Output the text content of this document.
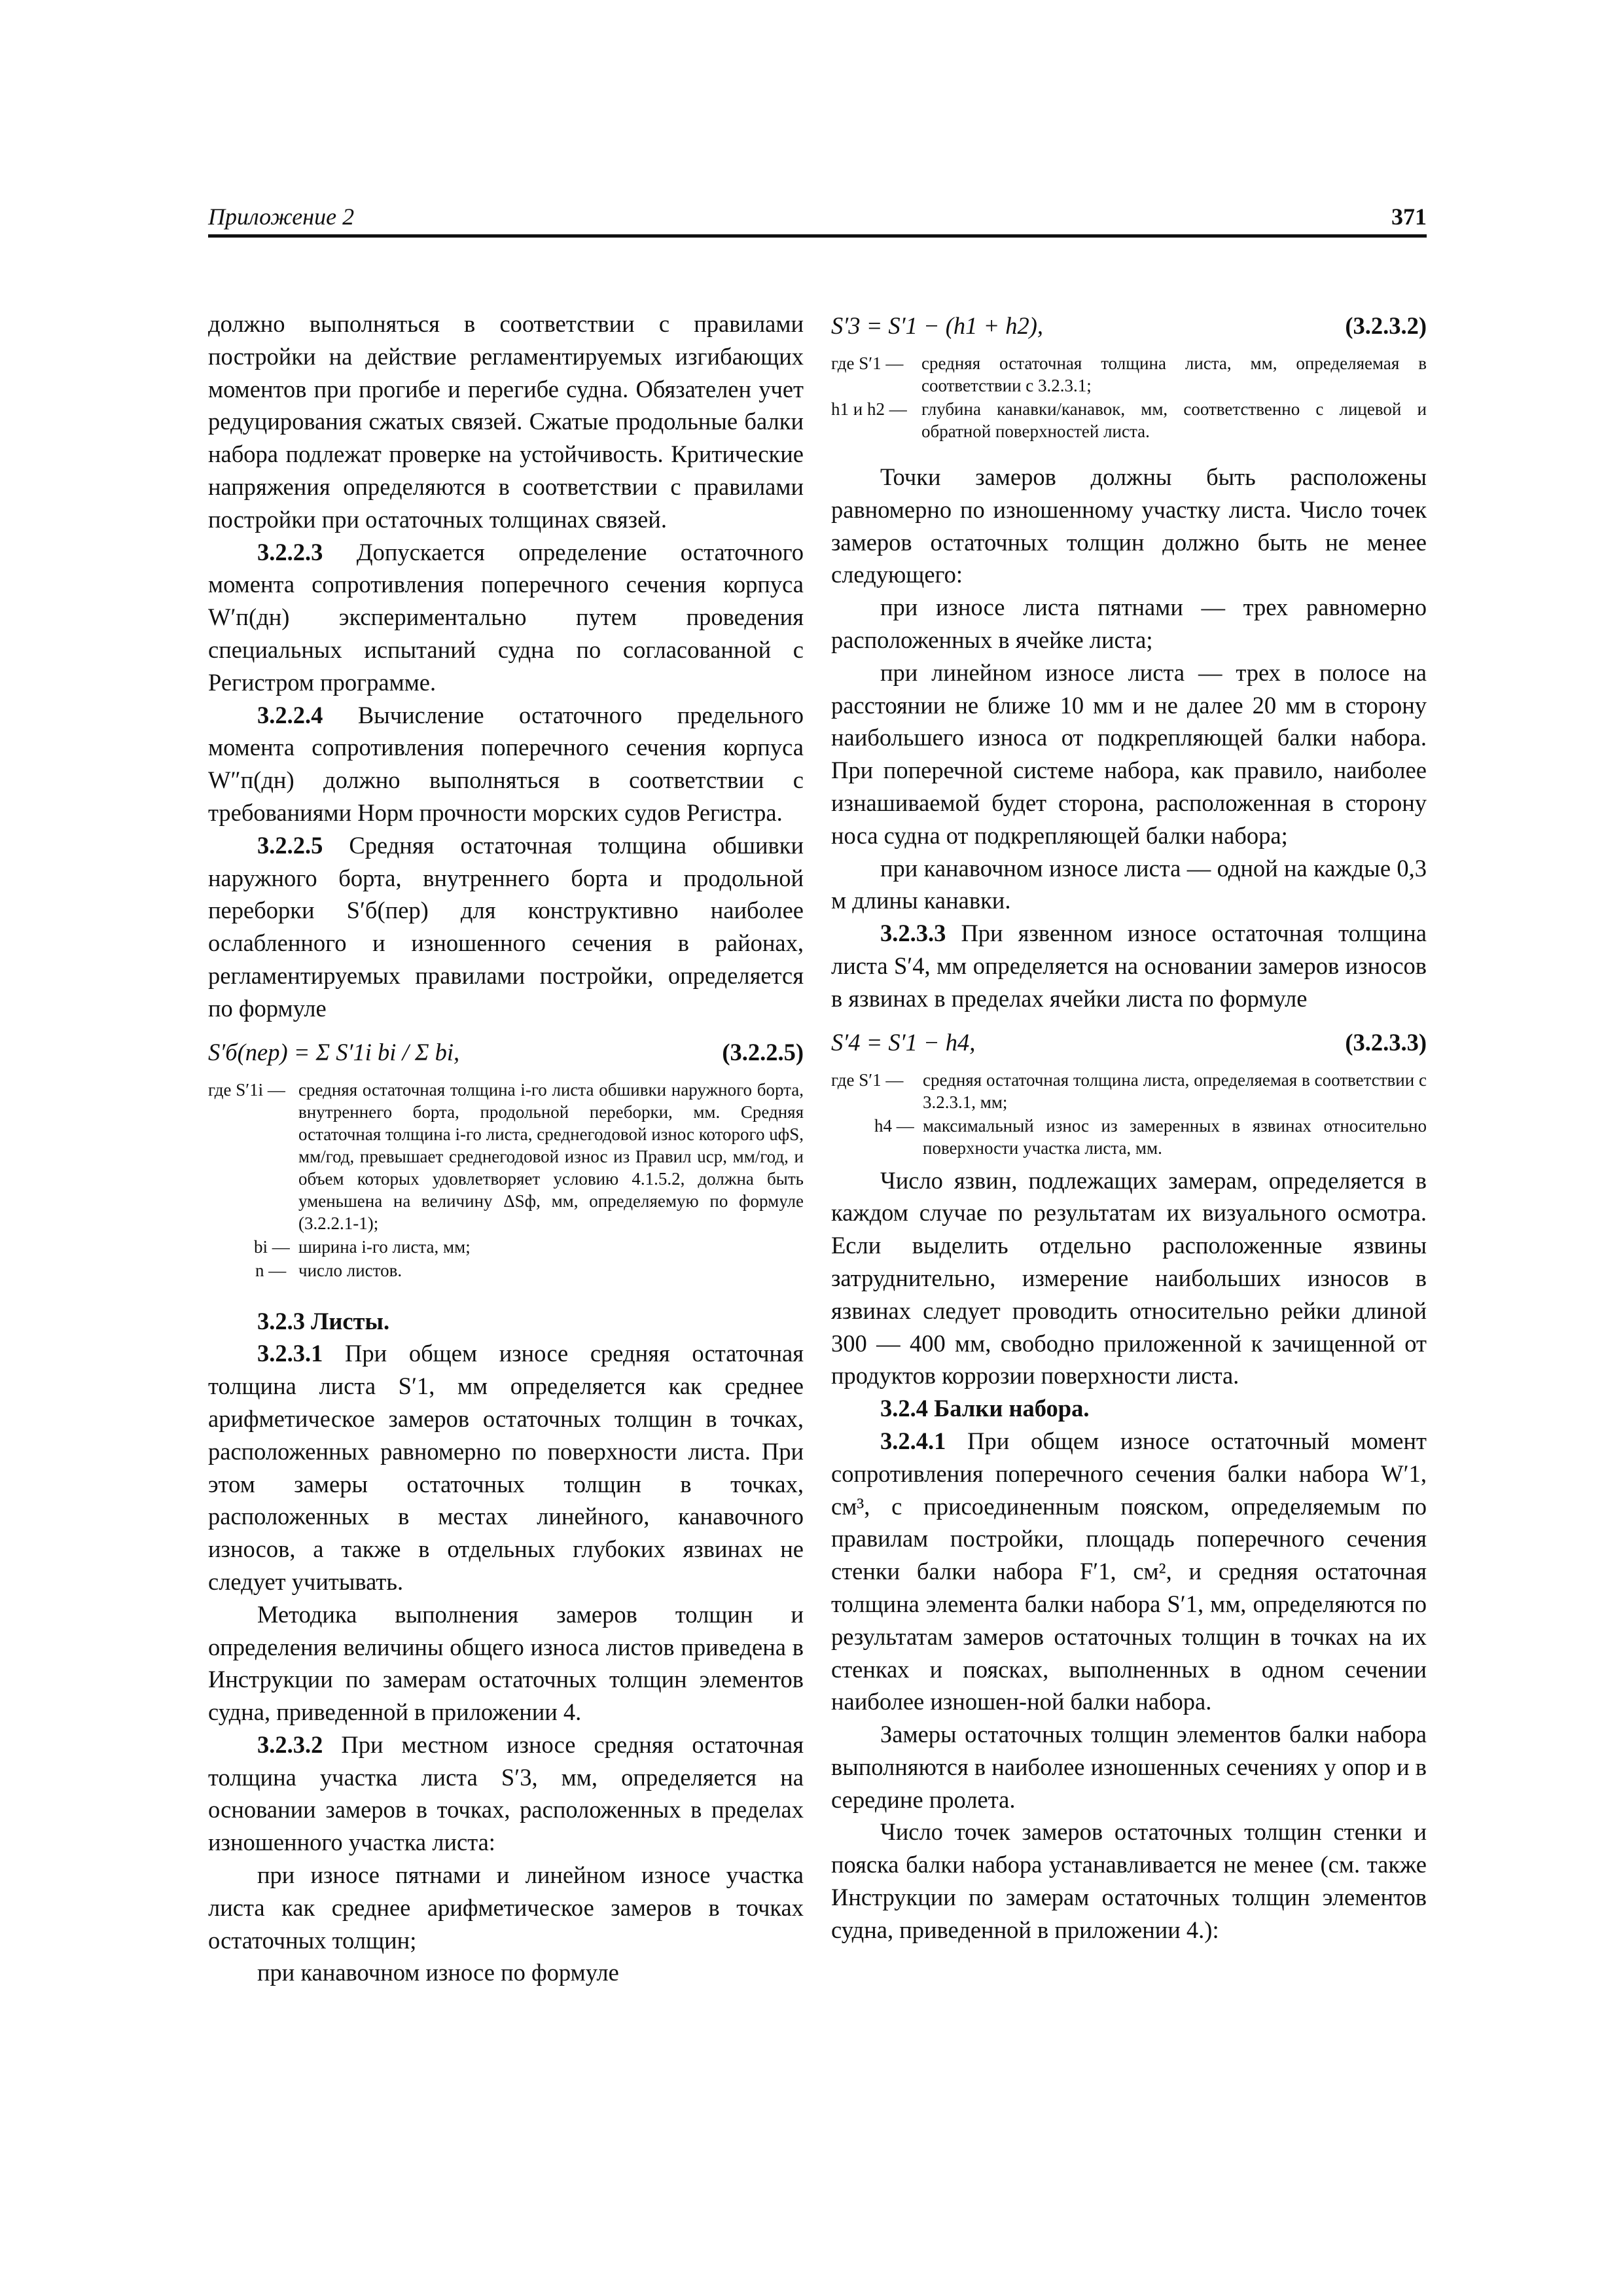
Приложение 2	371

должно выполняться в соответствии с правилами постройки на действие регламентируемых изгибающих моментов при прогибе и перегибе судна. Обязателен учет редуцирования сжатых связей. Сжатые продольные балки набора подлежат проверке на устойчивость. Критические напряжения определяются в соответствии с правилами постройки при остаточных толщинах связей.

3.2.2.3 Допускается определение остаточного момента сопротивления поперечного сечения корпуса W′п(дн) экспериментально путем проведения специальных испытаний судна по согласованной с Регистром программе.

3.2.2.4 Вычисление остаточного предельного момента сопротивления поперечного сечения корпуса W″п(дн) должно выполняться в соответствии с требованиями Норм прочности морских судов Регистра.

3.2.2.5 Средняя остаточная толщина обшивки наружного борта, внутреннего борта и продольной переборки S′б(пер) для конструктивно наиболее ослабленного и изношенного сечения в районах, регламентируемых правилами постройки, определяется по формуле

S′б(пер) = Σ S′1i bi / Σ bi,	(3.2.2.5)
где S′1i — средняя остаточная толщина i-го листа обшивки наружного борта, внутреннего борта, продольной переборки, мм. Средняя остаточная толщина i-го листа, среднегодовой износ которого uфS, мм/год, превышает среднегодовой износ из Правил uср, мм/год, и объем которых удовлетворяет условию 4.1.5.2, должна быть уменьшена на величину ΔSф, мм, определяемую по формуле (3.2.2.1-1);
bi — ширина i-го листа, мм;
n — число листов.

3.2.3 Листы.

3.2.3.1 При общем износе средняя остаточная толщина листа S′1, мм определяется как среднее арифметическое замеров остаточных толщин в точках, расположенных равномерно по поверхности листа. При этом замеры остаточных толщин в точках, расположенных в местах линейного, канавочного износов, а также в отдельных глубоких язвинах не следует учитывать.

Методика выполнения замеров толщин и определения величины общего износа листов приведена в Инструкции по замерам остаточных толщин элементов судна, приведенной в приложении 4.

3.2.3.2 При местном износе средняя остаточная толщина участка листа S′3, мм, определяется на основании замеров в точках, расположенных в пределах изношенного участка листа:

при износе пятнами и линейном износе участка листа как среднее арифметическое замеров в точках остаточных толщин;

при канавочном износе по формуле

S′3 = S′1 − (h1 + h2),	(3.2.3.2)
где S′1 — средняя остаточная толщина листа, мм, определяемая в соответствии с 3.2.3.1;
h1 и h2 — глубина канавки/канавок, мм, соответственно с лицевой и обратной поверхностей листа.

Точки замеров должны быть расположены равномерно по изношенному участку листа. Число точек замеров остаточных толщин должно быть не менее следующего:

при износе листа пятнами — трех равномерно расположенных в ячейке листа;

при линейном износе листа — трех в полосе на расстоянии не ближе 10 мм и не далее 20 мм в сторону наибольшего износа от подкрепляющей балки набора. При поперечной системе набора, как правило, наиболее изнашиваемой будет сторона, расположенная в сторону носа судна от подкрепляющей балки набора;

при канавочном износе листа — одной на каждые 0,3 м длины канавки.

3.2.3.3 При язвенном износе остаточная толщина листа S′4, мм определяется на основании замеров износов в язвинах в пределах ячейки листа по формуле

S′4 = S′1 − h4,	(3.2.3.3)
где S′1 — средняя остаточная толщина листа, определяемая в соответствии с 3.2.3.1, мм;
h4 — максимальный износ из замеренных в язвинах относительно поверхности участка листа, мм.

Число язвин, подлежащих замерам, определяется в каждом случае по результатам их визуального осмотра. Если выделить отдельно расположенные язвины затруднительно, измерение наибольших износов в язвинах следует проводить относительно рейки длиной 300 — 400 мм, свободно приложенной к зачищенной от продуктов коррозии поверхности листа.

3.2.4 Балки набора.

3.2.4.1 При общем износе остаточный момент сопротивления поперечного сечения балки набора W′1, см³, с присоединенным пояском, определяемым по правилам постройки, площадь поперечного сечения стенки балки набора F′1, см², и средняя остаточная толщина элемента балки набора S′1, мм, определяются по результатам замеров остаточных толщин в точках на их стенках и поясках, выполненных в одном сечении наиболее изношен-ной балки набора.

Замеры остаточных толщин элементов балки набора выполняются в наиболее изношенных сечениях у опор и в середине пролета.

Число точек замеров остаточных толщин стенки и пояска балки набора устанавливается не менее (см. также Инструкции по замерам остаточных толщин элементов судна, приведенной в приложении 4.):
